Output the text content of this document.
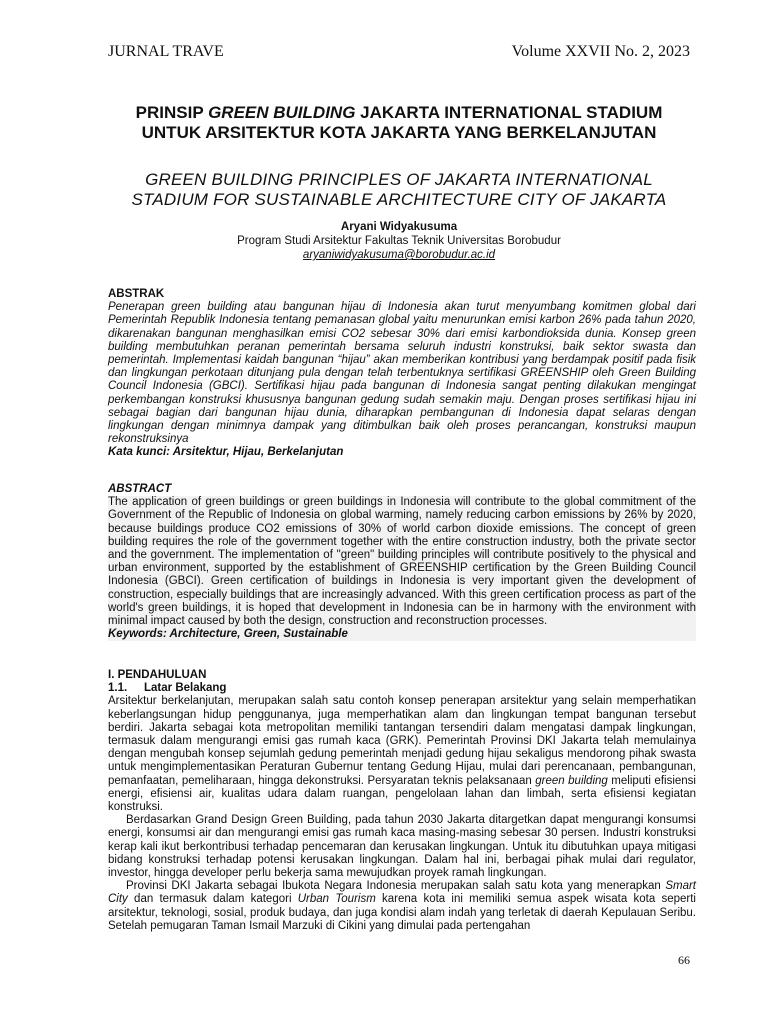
JURNAL TRAVE	Volume XXVII No. 2, 2023
PRINSIP GREEN BUILDING JAKARTA INTERNATIONAL STADIUM
UNTUK ARSITEKTUR KOTA JAKARTA YANG BERKELANJUTAN
GREEN BUILDING PRINCIPLES OF JAKARTA INTERNATIONAL
STADIUM FOR SUSTAINABLE ARCHITECTURE CITY OF JAKARTA
Aryani Widyakusuma
Program Studi Arsitektur Fakultas Teknik Universitas Borobudur
aryaniwidyakusuma@borobudur.ac.id
ABSTRAK
Penerapan green building atau bangunan hijau di Indonesia akan turut menyumbang komitmen global dari Pemerintah Republik Indonesia tentang pemanasan global yaitu menurunkan emisi karbon 26% pada tahun 2020, dikarenakan bangunan menghasilkan emisi CO2 sebesar 30% dari emisi karbondioksida dunia. Konsep green building membutuhkan peranan pemerintah bersama seluruh industri konstruksi, baik sektor swasta dan pemerintah. Implementasi kaidah bangunan “hijau” akan memberikan kontribusi yang berdampak positif pada fisik dan lingkungan perkotaan ditunjang pula dengan telah terbentuknya sertifikasi GREENSHIP oleh Green Building Council Indonesia (GBCI). Sertifikasi hijau pada bangunan di Indonesia sangat penting dilakukan mengingat perkembangan konstruksi khususnya bangunan gedung sudah semakin maju. Dengan proses sertifikasi hijau ini sebagai bagian dari bangunan hijau dunia, diharapkan pembangunan di Indonesia dapat selaras dengan lingkungan dengan minimnya dampak yang ditimbulkan baik oleh proses perancangan, konstruksi maupun rekonstruksinya
Kata kunci: Arsitektur, Hijau, Berkelanjutan
ABSTRACT
The application of green buildings or green buildings in Indonesia will contribute to the global commitment of the Government of the Republic of Indonesia on global warming, namely reducing carbon emissions by 26% by 2020, because buildings produce CO2 emissions of 30% of world carbon dioxide emissions. The concept of green building requires the role of the government together with the entire construction industry, both the private sector and the government. The implementation of "green" building principles will contribute positively to the physical and urban environment, supported by the establishment of GREENSHIP certification by the Green Building Council Indonesia (GBCI). Green certification of buildings in Indonesia is very important given the development of construction, especially buildings that are increasingly advanced. With this green certification process as part of the world's green buildings, it is hoped that development in Indonesia can be in harmony with the environment with minimal impact caused by both the design, construction and reconstruction processes.
Keywords: Architecture, Green, Sustainable
I. PENDAHULUAN
1.1. Latar Belakang
Arsitektur berkelanjutan, merupakan salah satu contoh konsep penerapan arsitektur yang selain memperhatikan keberlangsungan hidup penggunanya, juga memperhatikan alam dan lingkungan tempat bangunan tersebut berdiri. Jakarta sebagai kota metropolitan memiliki tantangan tersendiri dalam mengatasi dampak lingkungan, termasuk dalam mengurangi emisi gas rumah kaca (GRK). Pemerintah Provinsi DKI Jakarta telah memulainya dengan mengubah konsep sejumlah gedung pemerintah menjadi gedung hijau sekaligus mendorong pihak swasta untuk mengimplementasikan Peraturan Gubernur tentang Gedung Hijau, mulai dari perencanaan, pembangunan, pemanfaatan, pemeliharaan, hingga dekonstruksi. Persyaratan teknis pelaksanaan green building meliputi efisiensi energi, efisiensi air, kualitas udara dalam ruangan, pengelolaan lahan dan limbah, serta efisiensi kegiatan konstruksi.
Berdasarkan Grand Design Green Building, pada tahun 2030 Jakarta ditargetkan dapat mengurangi konsumsi energi, konsumsi air dan mengurangi emisi gas rumah kaca masing-masing sebesar 30 persen. Industri konstruksi kerap kali ikut berkontribusi terhadap pencemaran dan kerusakan lingkungan. Untuk itu dibutuhkan upaya mitigasi bidang konstruksi terhadap potensi kerusakan lingkungan. Dalam hal ini, berbagai pihak mulai dari regulator, investor, hingga developer perlu bekerja sama mewujudkan proyek ramah lingkungan.
Provinsi DKI Jakarta sebagai Ibukota Negara Indonesia merupakan salah satu kota yang menerapkan Smart City dan termasuk dalam kategori Urban Tourism karena kota ini memiliki semua aspek wisata kota seperti arsitektur, teknologi, sosial, produk budaya, dan juga kondisi alam indah yang terletak di daerah Kepulauan Seribu. Setelah pemugaran Taman Ismail Marzuki di Cikini yang dimulai pada pertengahan
66
